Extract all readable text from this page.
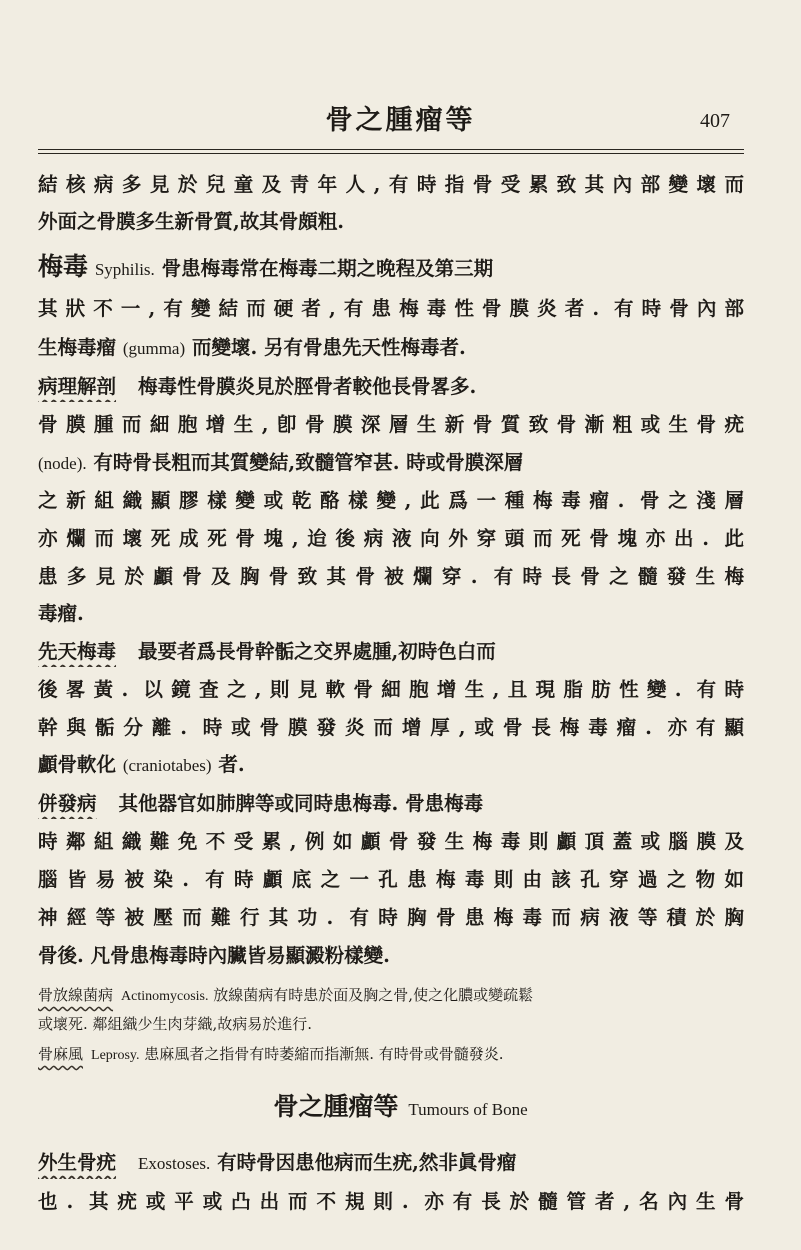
骨之腫瘤等	407
結核病多見於兒童及靑年人,有時指骨受累致其內部變壞而
外面之骨膜多生新骨質,故其骨頗粗.
梅毒 Syphilis. 骨患梅毒常在梅毒二期之晚程及第三期
其狀不一,有變結而硬者,有患梅毒性骨膜炎者. 有時骨內部
生梅毒瘤 (gumma) 而變壞. 另有骨患先天性梅毒者.
病理解剖 梅毒性骨膜炎見於脛骨者較他長骨畧多.
骨膜腫而細胞增生,卽骨膜深層生新骨質致骨漸粗或生骨疣
(node). 有時骨長粗而其質變結,致髓管窄甚. 時或骨膜深層
之新組織顯膠樣變或乾酪樣變,此爲一種梅毒瘤. 骨之淺層
亦爛而壞死成死骨塊,迨後病液向外穿頭而死骨塊亦出. 此
患多見於顱骨及胸骨致其骨被爛穿. 有時長骨之髓發生梅
毒瘤.
先天梅毒 最要者爲長骨幹骺之交界處腫,初時色白而
後畧黃. 以鏡査之,則見軟骨細胞增生,且現脂肪性變. 有時
幹與骺分離. 時或骨膜發炎而增厚,或骨長梅毒瘤. 亦有顯
顱骨軟化 (craniotabes) 者.
併發病 其他器官如肺脾等或同時患梅毒. 骨患梅毒
時鄰組織難免不受累,例如顱骨發生梅毒則顱頂蓋或腦膜及
腦皆易被染. 有時顱底之一孔患梅毒則由該孔穿過之物如
神經等被壓而難行其功. 有時胸骨患梅毒而病液等積於胸
骨後. 凡骨患梅毒時內臟皆易顯澱粉樣變.
骨放線菌病 Actinomycosis. 放線菌病有時患於面及胸之骨,使之化膿或變疏鬆
或壞死. 鄰組織少生肉芽織,故病易於進行.
骨麻風 Leprosy. 患麻風者之指骨有時萎縮而指漸無. 有時骨或骨髓發炎.
骨之腫瘤等 Tumours of Bone
外生骨疣 Exostoses. 有時骨因患他病而生疣,然非眞骨瘤
也. 其疣或平或凸出而不規則. 亦有長於髓管者,名內生骨
